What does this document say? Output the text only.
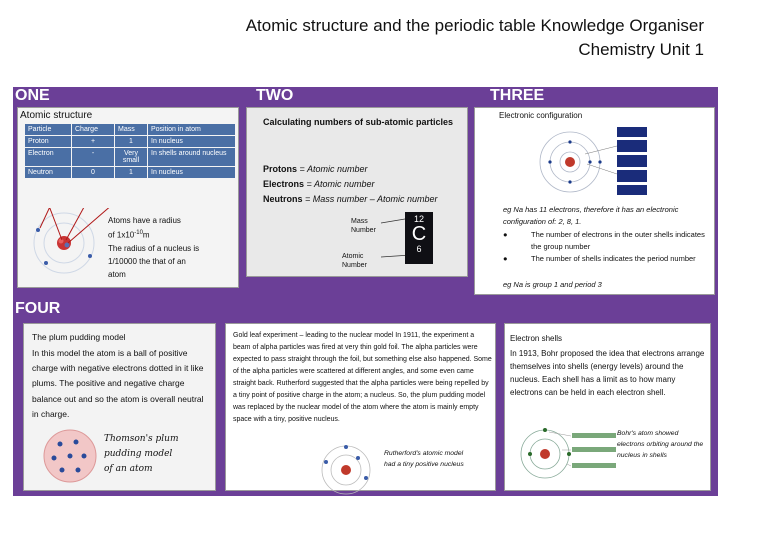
Atomic structure and the periodic table Knowledge Organiser
Chemistry Unit 1
ONE	TWO	THREE
Atomic structure
Particle	Charge	Mass	Position in atom
Proton	+	1	In nucleus
Electron	-	Very small	In shells around nucleus
Neutron	0	1	In nucleus
Atoms have a radius
of $1x10^{-10}m$
The radius of a nucleus is
1/10000 the that of an
atom
Calculating numbers of sub-atomic particles
Protons = Atomic number
Electrons = Atomic number
Neutrons = Mass number – Atomic number
Mass Number
Atomic Number
12
C
6
Electronic configuration
eg Na has 11 electrons, therefore it has an electronic configuration of: 2, 8, 1.
●	The number of electrons in the outer shells indicates the group number
●	The number of shells indicates the period number
eg Na is group 1 and period 3
FOUR
The plum pudding model
In this model the atom is a ball of positive charge with negative electrons dotted in it like plums. The positive and negative charge balance out and so the atom is overall neutral in charge.
Thomson's plum pudding model of an atom
Gold leaf experiment – leading to the nuclear model In 1911, the experiment a beam of alpha particles was fired at very thin gold foil. The alpha particles were expected to pass straight through the foil, but something else also happened. Some of the alpha particles were scattered at different angles, and some even came straight back. Rutherford suggested that the alpha particles were being repelled by a tiny point of positive charge in the atom; a nucleus. So, the plum pudding model was replaced by the nuclear model of the atom where the atom is mainly empty space with a tiny, positive nucleus.
Rutherford's atomic model had a tiny positive nucleus
Electron shells
In 1913, Bohr proposed the idea that electrons arrange themselves into shells (energy levels) around the nucleus. Each shell has a limit as to how many electrons can be held in each electron shell.
Bohr's atom showed electrons orbiting around the nucleus in shells
